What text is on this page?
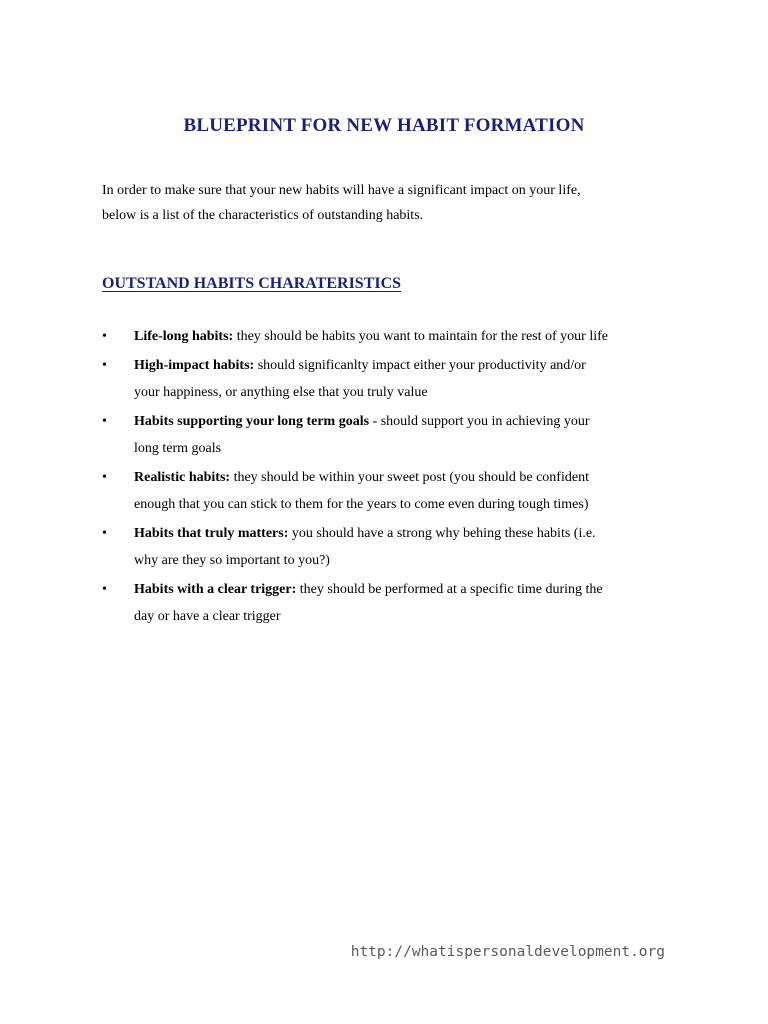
BLUEPRINT FOR NEW HABIT FORMATION

In order to make sure that your new habits will have a significant impact on your life,
below is a list of the characteristics of outstanding habits.

OUTSTAND HABITS CHARATERISTICS
•	Life-long habits: they should be habits you want to maintain for the rest of your life
•	High-impact habits: should significanlty impact either your productivity and/or
your happiness, or anything else that you truly value
•	Habits supporting your long term goals - should support you in achieving your
long term goals
•	Realistic habits: they should be within your sweet post (you should be confident
enough that you can stick to them for the years to come even during tough times)
•	Habits that truly matters: you should have a strong why behing these habits (i.e.
why are they so important to you?)
•	Habits with a clear trigger: they should be performed at a specific time during the
day or have a clear trigger
http://whatispersonaldevelopment.org
